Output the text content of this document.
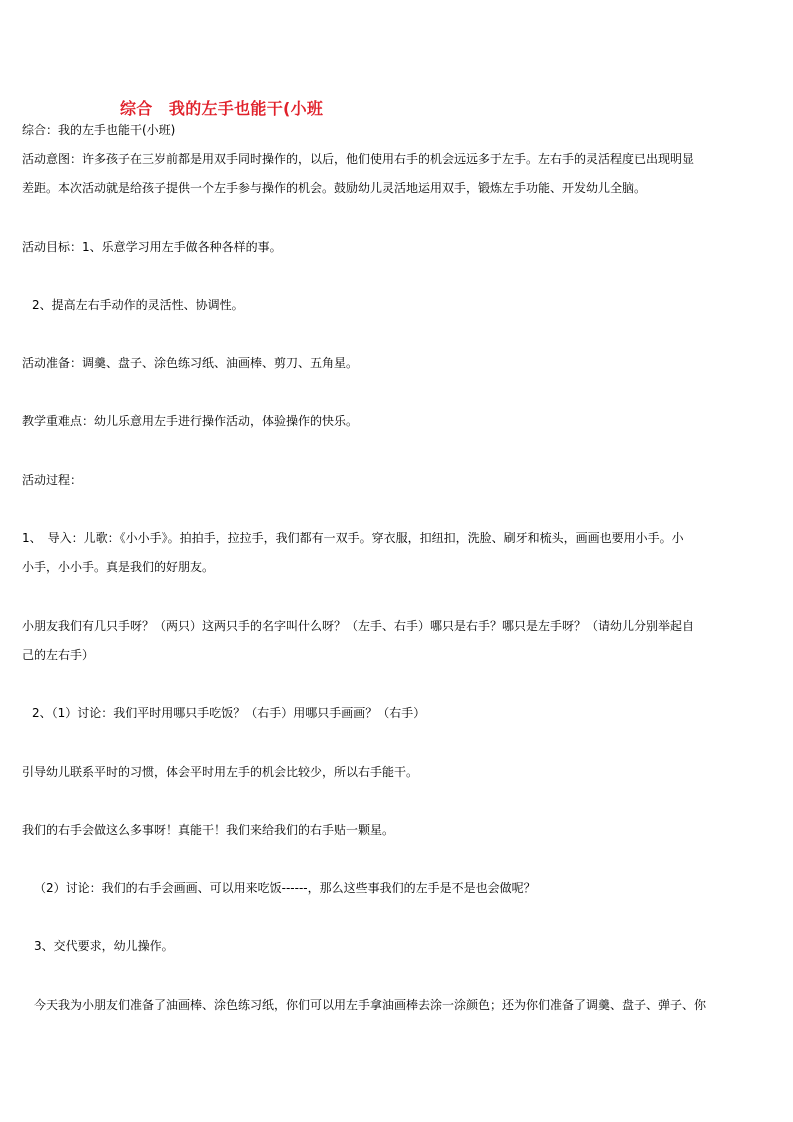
综合　我的左手也能干(小班
综合：我的左手也能干(小班)
活动意图：许多孩子在三岁前都是用双手同时操作的，以后，他们使用右手的机会远远多于左手。左右手的灵活程度已出现明显
差距。本次活动就是给孩子提供一个左手参与操作的机会。鼓励幼儿灵活地运用双手，锻炼左手功能、开发幼儿全脑。
活动目标：1、乐意学习用左手做各种各样的事。
2、提高左右手动作的灵活性、协调性。
活动准备：调羹、盘子、涂色练习纸、油画棒、剪刀、五角星。
教学重难点：幼儿乐意用左手进行操作活动，体验操作的快乐。
活动过程：
1、　导入：儿歌：《小小手》。拍拍手，拉拉手，我们都有一双手。穿衣服，扣纽扣，洗脸、刷牙和梳头，画画也要用小手。小
小手，小小手。真是我们的好朋友。
小朋友我们有几只手呀？（两只）这两只手的名字叫什么呀？（左手、右手）哪只是右手？哪只是左手呀？（请幼儿分别举起自
己的左右手）
2、（1）讨论：我们平时用哪只手吃饭？（右手）用哪只手画画？（右手）
引导幼儿联系平时的习惯，体会平时用左手的机会比较少，所以右手能干。
我们的右手会做这么多事呀！真能干！我们来给我们的右手贴一颗星。
（2）讨论：我们的右手会画画、可以用来吃饭------，那么这些事我们的左手是不是也会做呢？
3、交代要求，幼儿操作。
今天我为小朋友们准备了油画棒、涂色练习纸，你们可以用左手拿油画棒去涂一涂颜色；还为你们准备了调羹、盘子、弹子、你
